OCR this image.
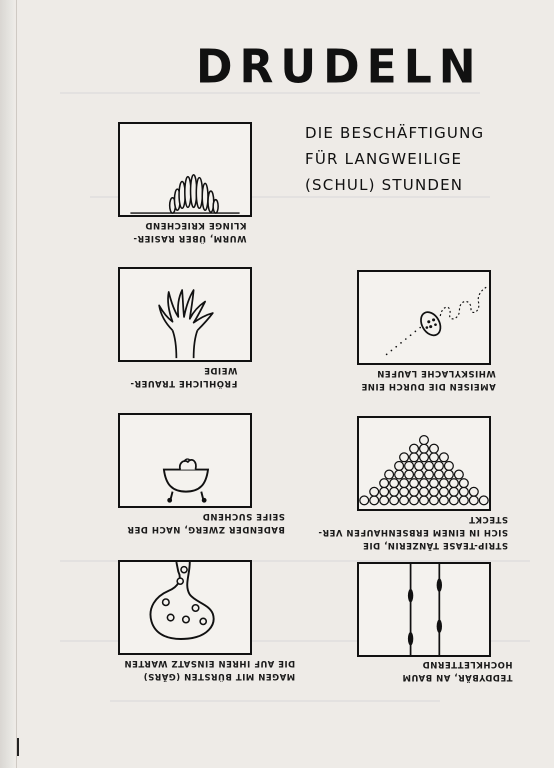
DRUDELN
DIE BESCHÄFTIGUNG
FÜR LANGWEILIGE
(SCHUL) STUNDEN
WURM, ÜBER RASIER-
KLINGE KRIECHEND
FRÖHLICHE TRAUER-
WEIDE
AMEISEN DIE DURCH EINE
WHISKYLACHE LAUFEN
BADENDER ZWERG, NACH DER
SEIFE SUCHEND
STRIP-TEASE TÄNZERIN, DIE
SICH IN EINEM ERBSENHAUFEN VER-
STECKT
MAGEN MIT BÜRSTEN (GÄRS)
DIE AUF IHREN EINSATZ WARTEN
TEDDYBÄR, AN BAUM
HOCHKLETTERND
